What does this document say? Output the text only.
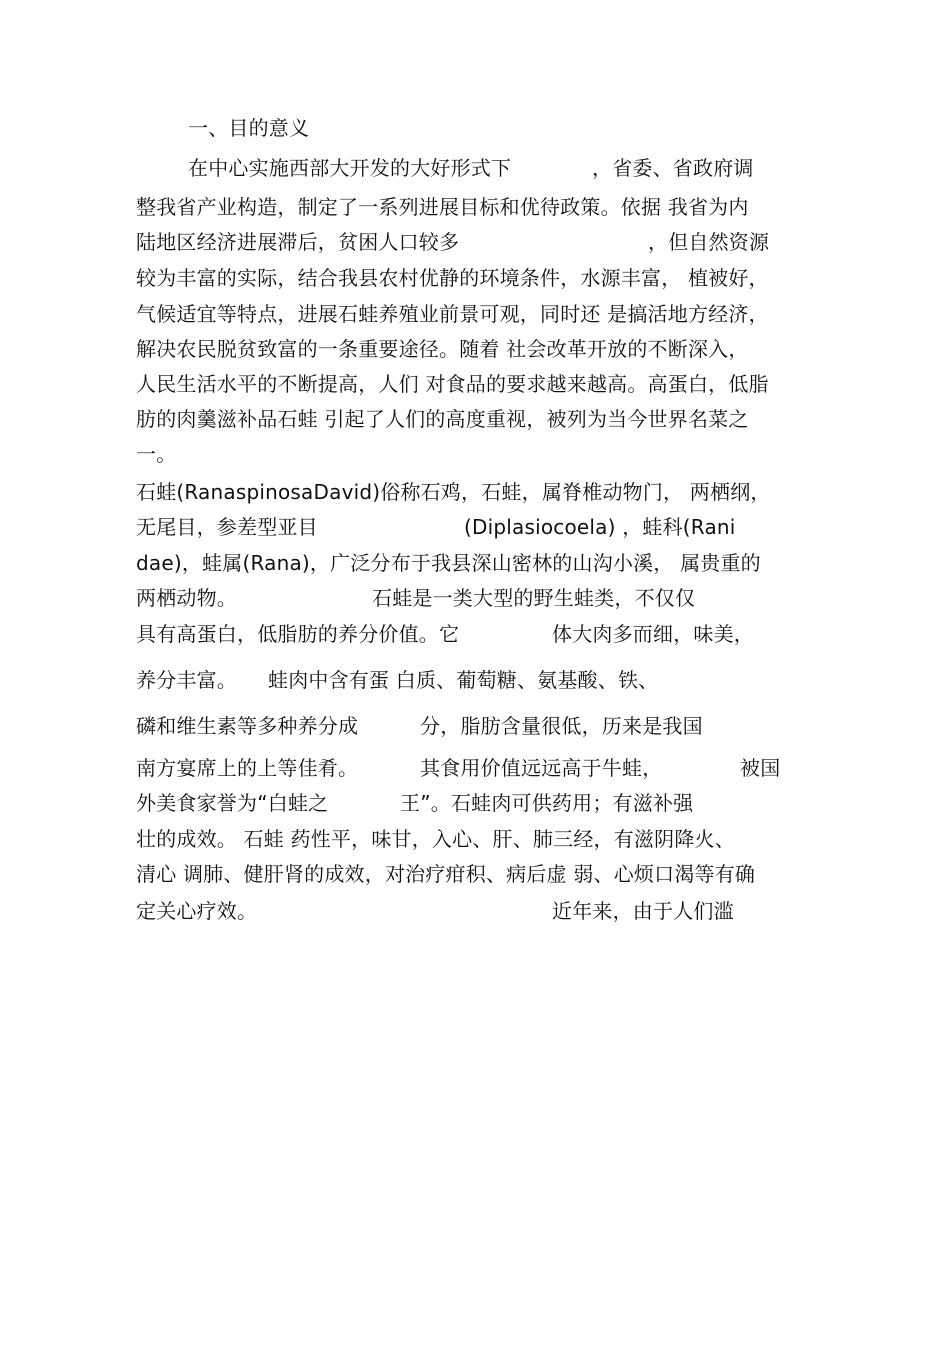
一、目的意义
在中心实施西部大开发的大好形式下	，省委、省政府调
整我省产业构造，制定了一系列进展目标和优待政策。依据 我省为内
陆地区经济进展滞后，贫困人口较多	，但自然资源
较为丰富的实际，结合我县农村优静的环境条件，水源丰富， 植被好，
气候适宜等特点，进展石蛙养殖业前景可观，同时还 是搞活地方经济，
解决农民脱贫致富的一条重要途径。随着 社会改革开放的不断深入，
人民生活水平的不断提高，人们 对食品的要求越来越高。高蛋白，低脂
肪的肉羹滋补品石蛙 引起了人们的高度重视，被列为当今世界名菜之
一。
石蛙(RanaspinosaDavid)俗称石鸡，石蛙，属脊椎动物门， 两栖纲，
无尾目，参差型亚目	(Diplasiocoela) ，蛙科(Rani
dae)，蛙属(Rana)，广泛分布于我县深山密林的山沟小溪， 属贵重的
两栖动物。	石蛙是一类大型的野生蛙类，不仅仅
具有高蛋白，低脂肪的养分价值。它	体大肉多而细，味美，
养分丰富。 蛙肉中含有蛋 白质、葡萄糖、氨基酸、铁、
磷和维生素等多种养分成	分，脂肪含量很低，历来是我国
南方宴席上的上等佳肴。	其食用价值远远高于牛蛙，	被国
外美食家誉为“白蛙之	王”。石蛙肉可供药用；有滋补强
壮的成效。 石蛙 药性平，味甘，入心、肝、肺三经，有滋阴降火、
清心 调肺、健肝肾的成效，对治疗疳积、病后虚 弱、心烦口渴等有确
定关心疗效。	近年来，由于人们滥
